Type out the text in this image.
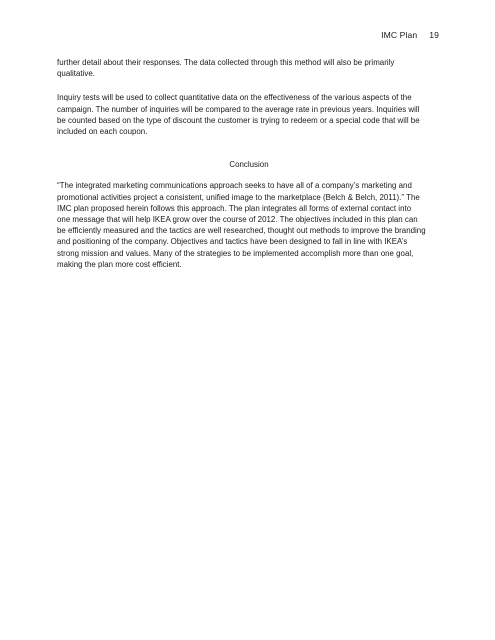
IMC Plan 19

further detail about their responses. The data collected through this method will also be primarily
qualitative.

Inquiry tests will be used to collect quantitative data on the effectiveness of the various aspects of the
campaign. The number of inquiries will be compared to the average rate in previous years. Inquiries will
be counted based on the type of discount the customer is trying to redeem or a special code that will be
included on each coupon.

Conclusion

“The integrated marketing communications approach seeks to have all of a company’s marketing and
promotional activities project a consistent, unified image to the marketplace (Belch & Belch, 2011).” The
IMC plan proposed herein follows this approach. The plan integrates all forms of external contact into
one message that will help IKEA grow over the course of 2012. The objectives included in this plan can
be efficiently measured and the tactics are well researched, thought out methods to improve the branding
and positioning of the company. Objectives and tactics have been designed to fall in line with IKEA’s
strong mission and values. Many of the strategies to be implemented accomplish more than one goal,
making the plan more cost efficient.
